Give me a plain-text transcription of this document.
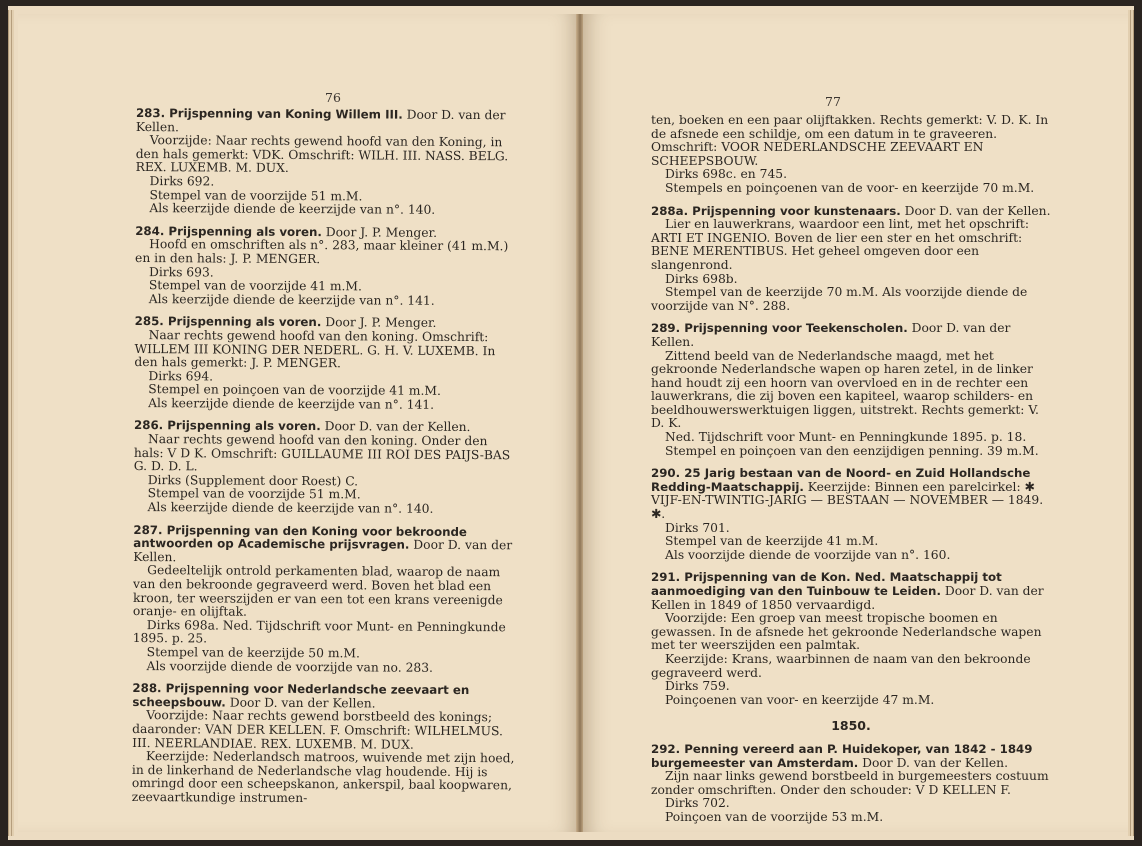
76

283. Prijspenning van Koning Willem III. Door D. van der Kellen.

Voorzijde: Naar rechts gewend hoofd van den Koning, in den hals gemerkt: VDK. Omschrift: WILH. III. NASS. BELG. REX. LUXEMB. M. DUX.

Dirks 692.

Stempel van de voorzijde 51 m.M.

Als keerzijde diende de keerzijde van n°. 140.

284. Prijspenning als voren. Door J. P. Menger.

Hoofd en omschriften als n°. 283, maar kleiner (41 m.M.) en in den hals: J. P. MENGER.

Dirks 693.

Stempel van de voorzijde 41 m.M.

Als keerzijde diende de keerzijde van n°. 141.

285. Prijspenning als voren. Door J. P. Menger.

Naar rechts gewend hoofd van den koning. Omschrift: WILLEM III KONING DER NEDERL. G. H. V. LUXEMB. In den hals gemerkt: J. P. MENGER.

Dirks 694.

Stempel en poinçoen van de voorzijde 41 m.M.

Als keerzijde diende de keerzijde van n°. 141.

286. Prijspenning als voren. Door D. van der Kellen.

Naar rechts gewend hoofd van den koning. Onder den hals: V D K. Omschrift: GUILLAUME III ROI DES PAIJS-BAS G. D. D. L.

Dirks (Supplement door Roest) C.

Stempel van de voorzijde 51 m.M.

Als keerzijde diende de keerzijde van n°. 140.

287. Prijspenning van den Koning voor bekroonde antwoorden op Academische prijsvragen. Door D. van der Kellen.

Gedeeltelijk ontrold perkamenten blad, waarop de naam van den bekroonde gegraveerd werd. Boven het blad een kroon, ter weerszijden er van een tot een krans vereenigde oranje- en olijftak.

Dirks 698a. Ned. Tijdschrift voor Munt- en Penningkunde 1895. p. 25.

Stempel van de keerzijde 50 m.M.

Als voorzijde diende de voorzijde van no. 283.

288. Prijspenning voor Nederlandsche zeevaart en scheepsbouw. Door D. van der Kellen.

Voorzijde: Naar rechts gewend borstbeeld des konings; daaronder: VAN DER KELLEN. F. Omschrift: WILHELMUS. III. NEERLANDIAE. REX. LUXEMB. M. DUX.

Keerzijde: Nederlandsch matroos, wuivende met zijn hoed, in de linkerhand de Nederlandsche vlag houdende. Hij is omringd door een scheepskanon, ankerspil, baal koopwaren, zeevaartkundige instrumen-

77

ten, boeken en een paar olijftakken. Rechts gemerkt: V. D. K. In de afsnede een schildje, om een datum in te graveeren. Omschrift: VOOR NEDERLANDSCHE ZEEVAART EN SCHEEPSBOUW.

Dirks 698c. en 745.

Stempels en poinçoenen van de voor- en keerzijde 70 m.M.

288a. Prijspenning voor kunstenaars. Door D. van der Kellen.

Lier en lauwerkrans, waardoor een lint, met het opschrift: ARTI ET INGENIO. Boven de lier een ster en het omschrift: BENE MERENTIBUS. Het geheel omgeven door een slangenrond.

Dirks 698b.

Stempel van de keerzijde 70 m.M. Als voorzijde diende de voorzijde van N°. 288.

289. Prijspenning voor Teekenscholen. Door D. van der Kellen.

Zittend beeld van de Nederlandsche maagd, met het gekroonde Nederlandsche wapen op haren zetel, in de linker hand houdt zij een hoorn van overvloed en in de rechter een lauwerkrans, die zij boven een kapiteel, waarop schilders- en beeldhouwerswerktuigen liggen, uitstrekt. Rechts gemerkt: V. D. K.

Ned. Tijdschrift voor Munt- en Penningkunde 1895. p. 18.

Stempel en poinçoen van den eenzijdigen penning. 39 m.M.

290. 25 Jarig bestaan van de Noord- en Zuid Hollandsche Redding-Maatschappij. Keerzijde: Binnen een parelcirkel: ✱ VIJF-EN-TWINTIG-JARIG — BESTAAN — NOVEMBER — 1849. ✱.

Dirks 701.

Stempel van de keerzijde 41 m.M.

Als voorzijde diende de voorzijde van n°. 160.

291. Prijspenning van de Kon. Ned. Maatschappij tot aanmoediging van den Tuinbouw te Leiden. Door D. van der Kellen in 1849 of 1850 vervaardigd.

Voorzijde: Een groep van meest tropische boomen en gewassen. In de afsnede het gekroonde Nederlandsche wapen met ter weerszijden een palmtak.

Keerzijde: Krans, waarbinnen de naam van den bekroonde gegraveerd werd.

Dirks 759.

Poinçoenen van voor- en keerzijde 47 m.M.

1850.

292. Penning vereerd aan P. Huidekoper, van 1842 - 1849 burgemeester van Amsterdam. Door D. van der Kellen.

Zijn naar links gewend borstbeeld in burgemeesters costuum zonder omschriften. Onder den schouder: V D KELLEN F.

Dirks 702.

Poinçoen van de voorzijde 53 m.M.
